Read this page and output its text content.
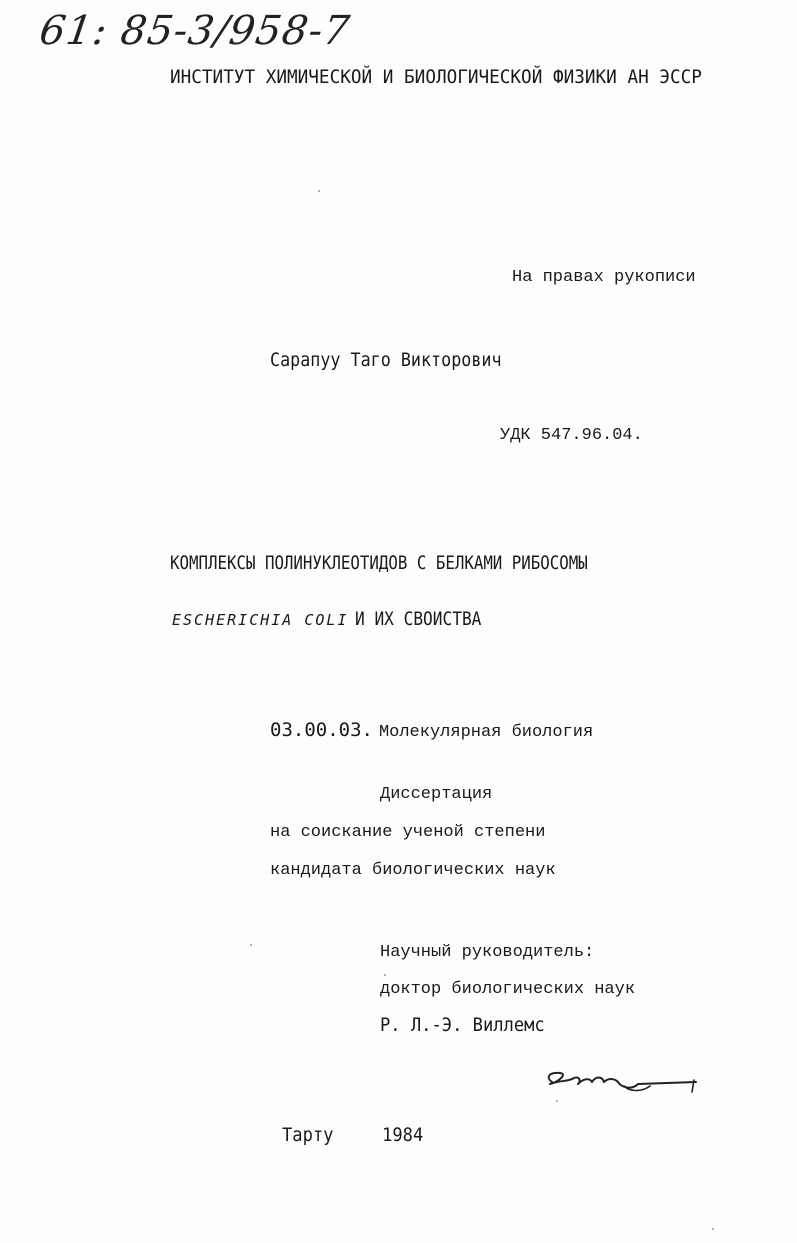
61: 85-3/958-7
ИНСТИТУТ ХИМИЧЕСКОЙ И БИОЛОГИЧЕСКОЙ ФИЗИКИ АН ЭССР
На правах рукописи
Сарапуу Таго Викторович
УДК 547.96.04.
КОМПЛЕКСЫ ПОЛИНУКЛЕОТИДОВ С БЕЛКАМИ РИБОСОМЫ
ESCHERICHIA COLI И ИХ СВОИСТВА
03.00.03. Молекулярная биология
Диссертация
на соискание ученой степени
кандидата биологических наук
Научный руководитель:
доктор биологических наук
Р. Л.-Э. Виллемс
Тарту	1984
